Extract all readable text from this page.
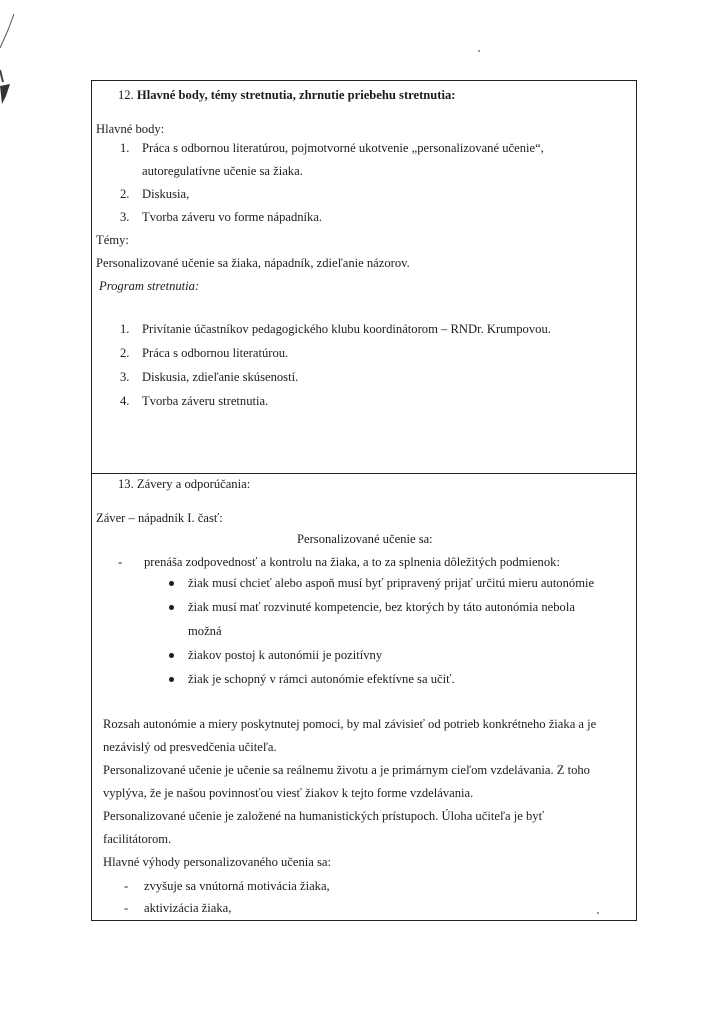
12. Hlavné body, témy stretnutia, zhrnutie priebehu stretnutia:
Hlavné body:
1. Práca s odbornou literatúrou, pojmotvorné ukotvenie „personalizované učenie“,
autoregulatívne učenie sa žiaka.
2. Diskusia,
3. Tvorba záveru vo forme nápadníka.
Témy:
Personalizované učenie sa žiaka, nápadník, zdieľanie názorov.
Program stretnutia:
1. Privítanie účastníkov pedagogického klubu koordinátorom – RNDr. Krumpovou.
2. Práca s odbornou literatúrou.
3. Diskusia, zdieľanie skúseností.
4. Tvorba záveru stretnutia.
13. Závery a odporúčania:
Záver – nápadník I. časť:
Personalizované učenie sa:
- prenáša zodpovednosť a kontrolu na žiaka, a to za splnenia dôležitých podmienok:
žiak musí chcieť alebo aspoň musí byť pripravený prijať určitú mieru autonómie
žiak musí mať rozvinuté kompetencie, bez ktorých by táto autonómia nebola
možná
žiakov postoj k autonómii je pozitívny
žiak je schopný v rámci autonómie efektívne sa učiť.
Rozsah autonómie a miery poskytnutej pomoci, by mal závisieť od potrieb konkrétneho žiaka a je
nezávislý od presvedčenia učiteľa.
Personalizované učenie je učenie sa reálnemu životu a je primárnym cieľom vzdelávania. Z toho
vyplýva, že je našou povinnosťou viesť žiakov k tejto forme vzdelávania.
Personalizované učenie je založené na humanistických prístupoch. Úloha učiteľa je byť
facilitátorom.
Hlavné výhody personalizovaného učenia sa:
- zvyšuje sa vnútorná motivácia žiaka,
- aktivizácia žiaka,
